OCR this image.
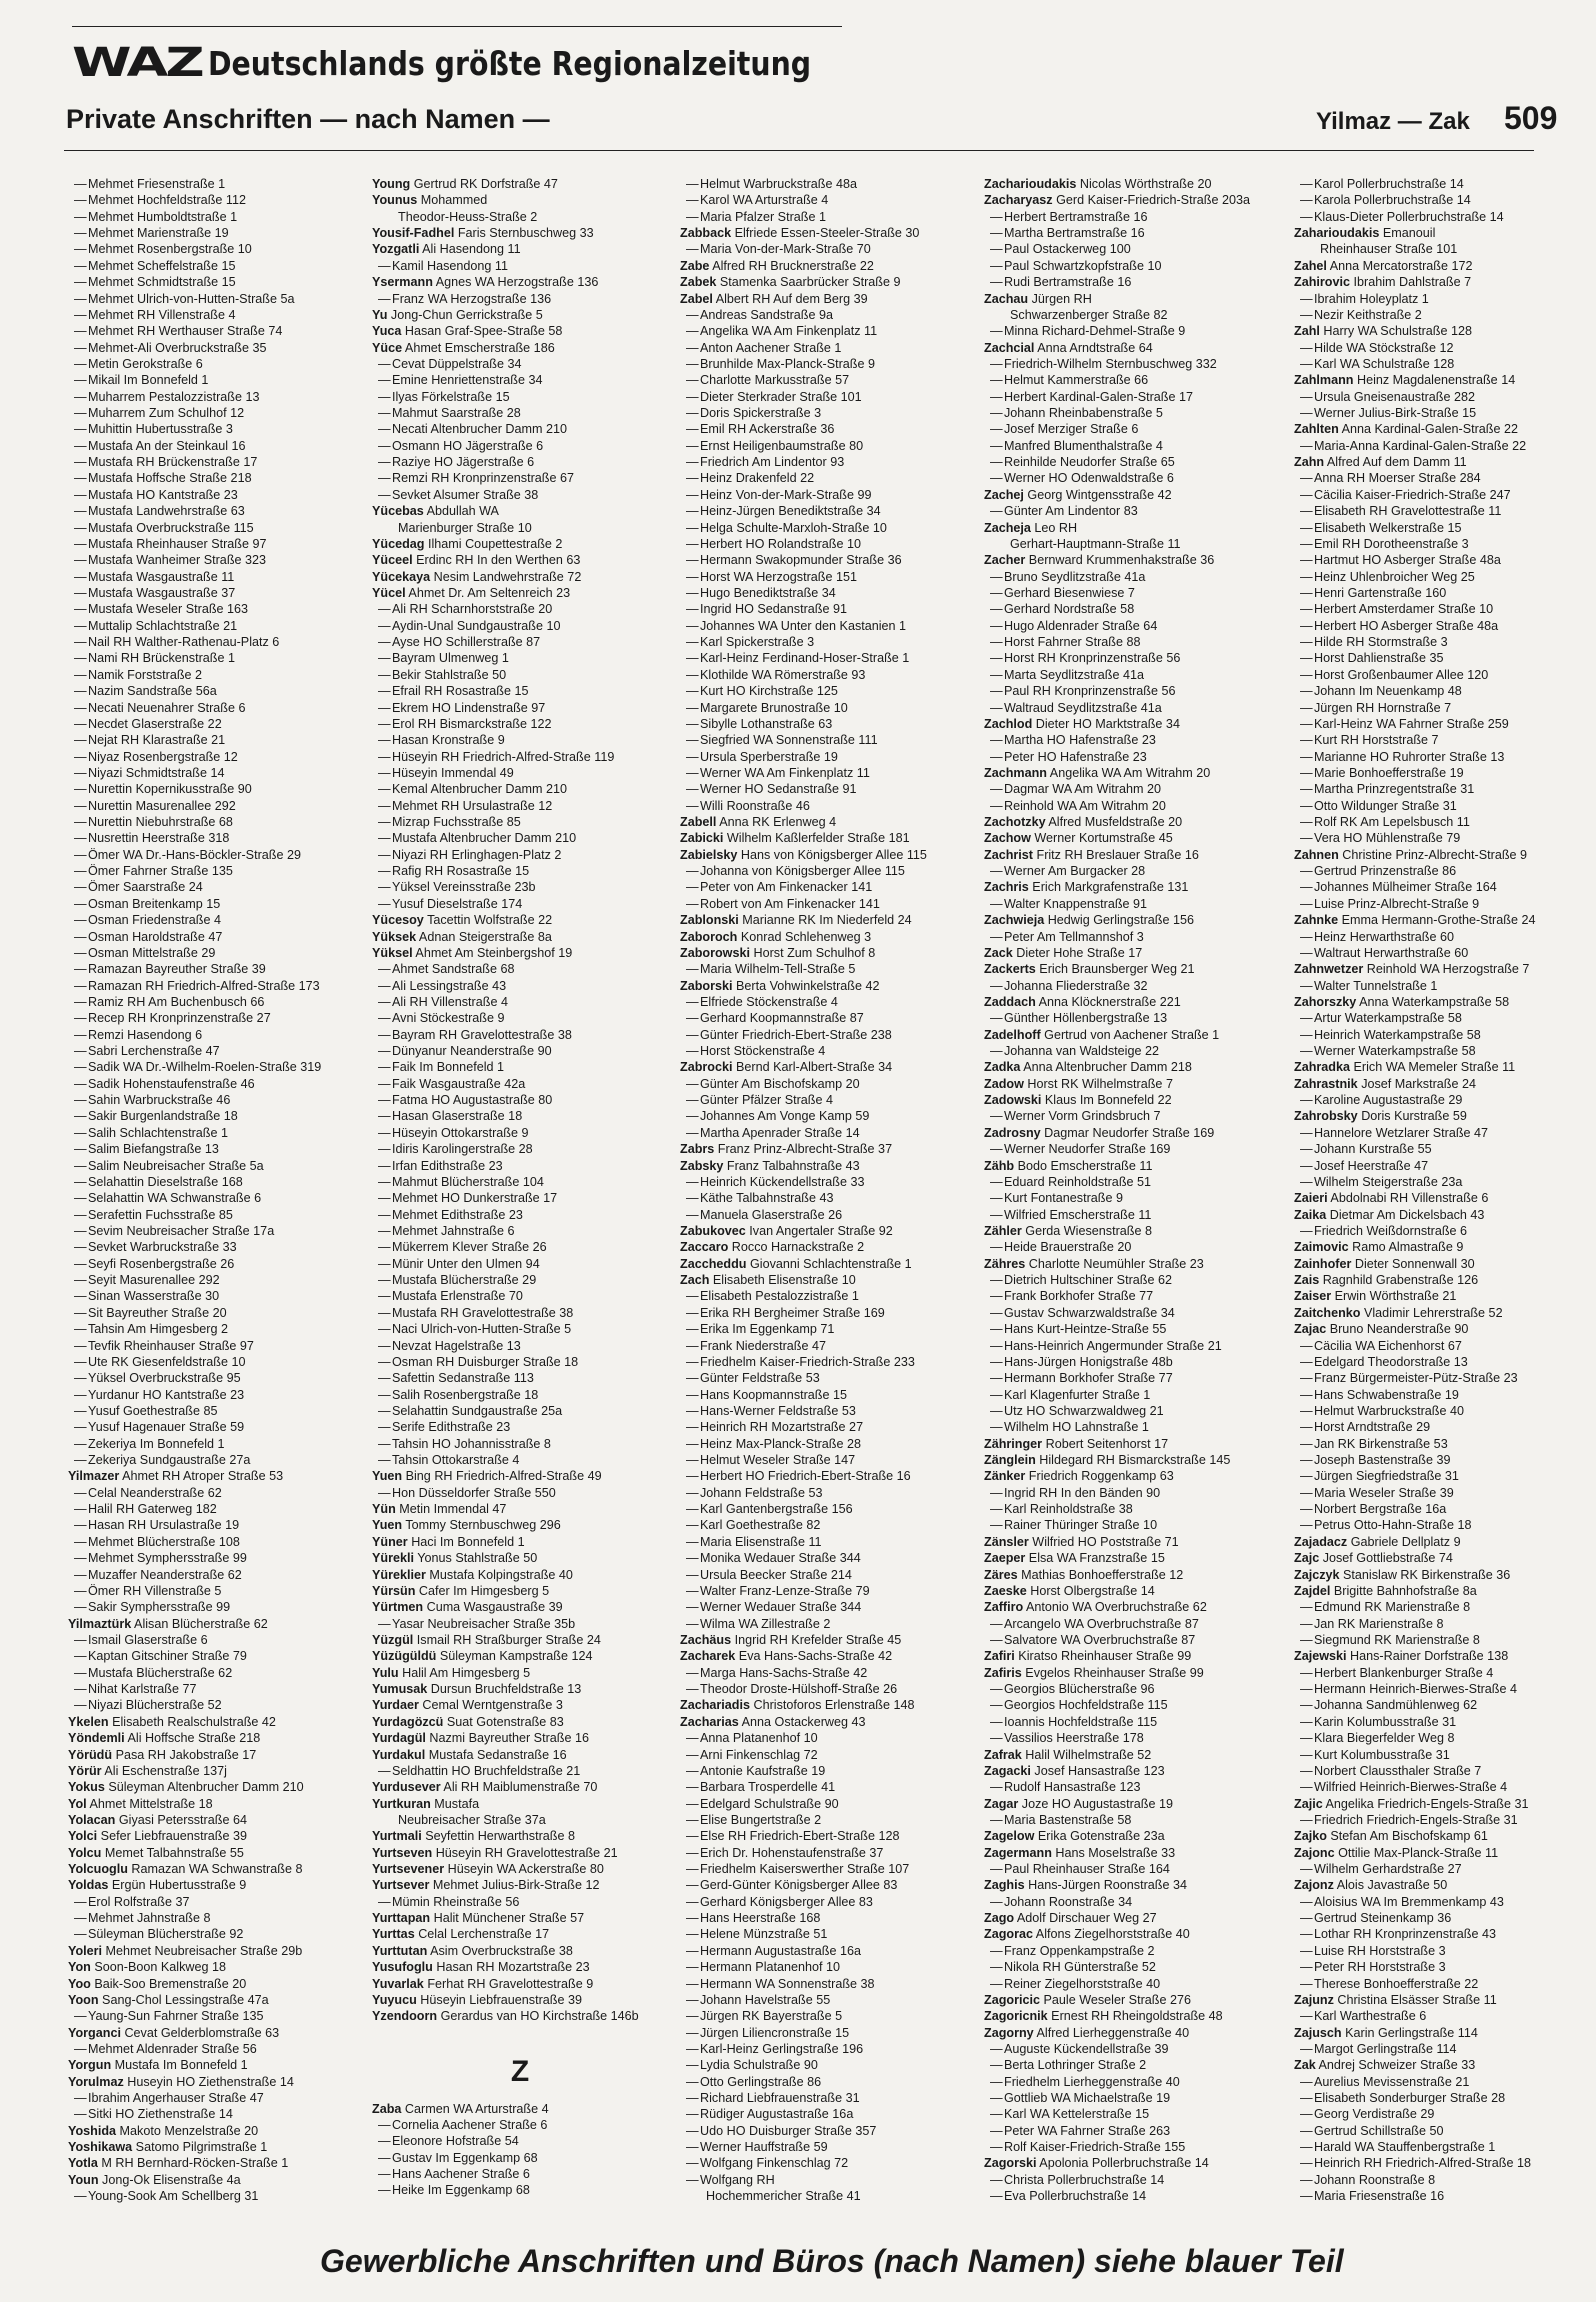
WAZ Deutschlands größte Regionalzeitung
Private Anschriften — nach Namen —	Yilmaz — Zak 509
—Mehmet Friesenstraße 1
—Mehmet Hochfeldstraße 112
—Mehmet Humboldtstraße 1
—Mehmet Marienstraße 19
—Mehmet Rosenbergstraße 10
—Mehmet Scheffelstraße 15
—Mehmet Schmidtstraße 15
—Mehmet Ulrich-von-Hutten-Straße 5a
—Mehmet RH Villenstraße 4
—Mehmet RH Werthauser Straße 74
—Mehmet-Ali Overbruckstraße 35
—Metin Gerokstraße 6
—Mikail Im Bonnefeld 1
—Muharrem Pestalozzistraße 13
—Muharrem Zum Schulhof 12
—Muhittin Hubertusstraße 3
—Mustafa An der Steinkaul 16
—Mustafa RH Brückenstraße 17
—Mustafa Hoffsche Straße 218
—Mustafa HO Kantstraße 23
—Mustafa Landwehrstraße 63
—Mustafa Overbruckstraße 115
—Mustafa Rheinhauser Straße 97
—Mustafa Wanheimer Straße 323
—Mustafa Wasgaustraße 11
—Mustafa Wasgaustraße 37
—Mustafa Weseler Straße 163
—Muttalip Schlachtstraße 21
—Nail RH Walther-Rathenau-Platz 6
—Nami RH Brückenstraße 1
—Namik Forststraße 2
—Nazim Sandstraße 56a
—Necati Neuenahrer Straße 6
—Necdet Glaserstraße 22
—Nejat RH Klarastraße 21
—Niyaz Rosenbergstraße 12
—Niyazi Schmidtstraße 14
—Nurettin Kopernikusstraße 90
—Nurettin Masurenallee 292
—Nurettin Niebuhrstraße 68
—Nusrettin Heerstraße 318
—Ömer WA Dr.-Hans-Böckler-Straße 29
—Ömer Fahrner Straße 135
—Ömer Saarstraße 24
—Osman Breitenkamp 15
—Osman Friedenstraße 4
—Osman Haroldstraße 47
—Osman Mittelstraße 29
—Ramazan Bayreuther Straße 39
—Ramazan RH Friedrich-Alfred-Straße 173
—Ramiz RH Am Buchenbusch 66
—Recep RH Kronprinzenstraße 27
—Remzi Hasendong 6
—Sabri Lerchenstraße 47
—Sadik WA Dr.-Wilhelm-Roelen-Straße 319
—Sadik Hohenstaufenstraße 46
—Sahin Warbruckstraße 46
—Sakir Burgenlandstraße 18
—Salih Schlachtenstraße 1
—Salim Biefangstraße 13
—Salim Neubreisacher Straße 5a
—Selahattin Dieselstraße 168
—Selahattin WA Schwanstraße 6
—Serafettin Fuchsstraße 85
—Sevim Neubreisacher Straße 17a
—Sevket Warbruckstraße 33
—Seyfi Rosenbergstraße 26
—Seyit Masurenallee 292
—Sinan Wasserstraße 30
—Sit Bayreuther Straße 20
—Tahsin Am Himgesberg 2
—Tevfik Rheinhauser Straße 97
—Ute RK Giesenfeldstraße 10
—Yüksel Overbruckstraße 95
—Yurdanur HO Kantstraße 23
—Yusuf Goethestraße 85
—Yusuf Hagenauer Straße 59
—Zekeriya Im Bonnefeld 1
—Zekeriya Sundgaustraße 27a
Yilmazer Ahmet RH Atroper Straße 53
—Celal Neanderstraße 62
—Halil RH Gaterweg 182
—Hasan RH Ursulastraße 19
—Mehmet Blücherstraße 108
—Mehmet Symphersstraße 99
—Muzaffer Neanderstraße 62
—Ömer RH Villenstraße 5
—Sakir Symphersstraße 99
Yilmaztürk Alisan Blücherstraße 62
—Ismail Glaserstraße 6
—Kaptan Gitschiner Straße 79
—Mustafa Blücherstraße 62
—Nihat Karlstraße 77
—Niyazi Blücherstraße 52
Ykelen Elisabeth Realschulstraße 42
Yöndemli Ali Hoffsche Straße 218
Yörüdü Pasa RH Jakobstraße 17
Yörür Ali Eschenstraße 137j
Yokus Süleyman Altenbrucher Damm 210
Yol Ahmet Mittelstraße 18
Yolacan Giyasi Petersstraße 64
Yolci Sefer Liebfrauenstraße 39
Yolcu Memet Talbahnstraße 55
Yolcuoglu Ramazan WA Schwanstraße 8
Yoldas Ergün Hubertusstraße 9
—Erol Rolfstraße 37
—Mehmet Jahnstraße 8
—Süleyman Blücherstraße 92
Yoleri Mehmet Neubreisacher Straße 29b
Yon Soon-Boon Kalkweg 18
Yoo Baik-Soo Bremenstraße 20
Yoon Sang-Chol Lessingstraße 47a
—Yaung-Sun Fahrner Straße 135
Yorganci Cevat Gelderblomstraße 63
—Mehmet Aldenrader Straße 56
Yorgun Mustafa Im Bonnefeld 1
Yorulmaz Huseyin HO Ziethenstraße 14
—Ibrahim Angerhauser Straße 47
—Sitki HO Ziethenstraße 14
Yoshida Makoto Menzelstraße 20
Yoshikawa Satomo Pilgrimstraße 1
Yotla M RH Bernhard-Röcken-Straße 1
Youn Jong-Ok Elisenstraße 4a
—Young-Sook Am Schellberg 31
Young Gertrud RK Dorfstraße 47
Younus Mohammed
Theodor-Heuss-Straße 2
Yousif-Fadhel Faris Sternbuschweg 33
Yozgatli Ali Hasendong 11
—Kamil Hasendong 11
Ysermann Agnes WA Herzogstraße 136
—Franz WA Herzogstraße 136
Yu Jong-Chun Gerrickstraße 5
Yuca Hasan Graf-Spee-Straße 58
Yüce Ahmet Emscherstraße 186
—Cevat Düppelstraße 34
—Emine Henriettenstraße 34
—Ilyas Förkelstraße 15
—Mahmut Saarstraße 28
—Necati Altenbrucher Damm 210
—Osmann HO Jägerstraße 6
—Raziye HO Jägerstraße 6
—Remzi RH Kronprinzenstraße 67
—Sevket Alsumer Straße 38
Yücebas Abdullah WA
Marienburger Straße 10
Yücedag Ilhami Coupettestraße 2
Yüceel Erdinc RH In den Werthen 63
Yücekaya Nesim Landwehrstraße 72
Yücel Ahmet Dr. Am Seltenreich 23
—Ali RH Scharnhorststraße 20
—Aydin-Unal Sundgaustraße 10
—Ayse HO Schillerstraße 87
—Bayram Ulmenweg 1
—Bekir Stahlstraße 50
—Efrail RH Rosastraße 15
—Ekrem HO Lindenstraße 97
—Erol RH Bismarckstraße 122
—Hasan Kronstraße 9
—Hüseyin RH Friedrich-Alfred-Straße 119
—Hüseyin Immendal 49
—Kemal Altenbrucher Damm 210
—Mehmet RH Ursulastraße 12
—Mizrap Fuchsstraße 85
—Mustafa Altenbrucher Damm 210
—Niyazi RH Erlinghagen-Platz 2
—Rafig RH Rosastraße 15
—Yüksel Vereinsstraße 23b
—Yusuf Dieselstraße 174
Yücesoy Tacettin Wolfstraße 22
Yüksek Adnan Steigerstraße 8a
Yüksel Ahmet Am Steinbergshof 19
—Ahmet Sandstraße 68
—Ali Lessingstraße 43
—Ali RH Villenstraße 4
—Avni Stöckestraße 9
—Bayram RH Gravelottestraße 38
—Dünyanur Neanderstraße 90
—Faik Im Bonnefeld 1
—Faik Wasgaustraße 42a
—Fatma HO Augustastraße 80
—Hasan Glaserstraße 18
—Hüseyin Ottokarstraße 9
—Idiris Karolingerstraße 28
—Irfan Edithstraße 23
—Mahmut Blücherstraße 104
—Mehmet HO Dunkerstraße 17
—Mehmet Edithstraße 23
—Mehmet Jahnstraße 6
—Mükerrem Klever Straße 26
—Münir Unter den Ulmen 94
—Mustafa Blücherstraße 29
—Mustafa Erlenstraße 70
—Mustafa RH Gravelottestraße 38
—Naci Ulrich-von-Hutten-Straße 5
—Nevzat Hagelstraße 13
—Osman RH Duisburger Straße 18
—Safettin Sedanstraße 113
—Salih Rosenbergstraße 18
—Selahattin Sundgaustraße 25a
—Serife Edithstraße 23
—Tahsin HO Johannisstraße 8
—Tahsin Ottokarstraße 4
Yuen Bing RH Friedrich-Alfred-Straße 49
—Hon Düsseldorfer Straße 550
Yün Metin Immendal 47
Yuen Tommy Sternbuschweg 296
Yüner Haci Im Bonnefeld 1
Yürekli Yonus Stahlstraße 50
Yüreklier Mustafa Kolpingstraße 40
Yürsün Cafer Im Himgesberg 5
Yürtmen Cuma Wasgaustraße 39
—Yasar Neubreisacher Straße 35b
Yüzgül Ismail RH Straßburger Straße 24
Yüzügüldü Süleyman Kampstraße 124
Yulu Halil Am Himgesberg 5
Yumusak Dursun Bruchfeldstraße 13
Yurdaer Cemal Werntgenstraße 3
Yurdagözcü Suat Gotenstraße 83
Yurdagül Nazmi Bayreuther Straße 16
Yurdakul Mustafa Sedanstraße 16
—Seldhattin HO Bruchfeldstraße 21
Yurdusever Ali RH Maiblumenstraße 70
Yurtkuran Mustafa
Neubreisacher Straße 37a
Yurtmali Seyfettin Herwarthstraße 8
Yurtseven Hüseyin RH Gravelottestraße 21
Yurtsevener Hüseyin WA Ackerstraße 80
Yurtsever Mehmet Julius-Birk-Straße 12
—Mümin Rheinstraße 56
Yurttapan Halit Münchener Straße 57
Yurttas Celal Lerchenstraße 17
Yurttutan Asim Overbruckstraße 38
Yusufoglu Hasan RH Mozartstraße 23
Yuvarlak Ferhat RH Gravelottestraße 9
Yuyucu Hüseyin Liebfrauenstraße 39
Yzendoorn Gerardus van HO Kirchstraße 146b
Z
Zaba Carmen WA Arturstraße 4
—Cornelia Aachener Straße 6
—Eleonore Hofstraße 54
—Gustav Im Eggenkamp 68
—Hans Aachener Straße 6
—Heike Im Eggenkamp 68
—Helmut Warbruckstraße 48a
—Karol WA Arturstraße 4
—Maria Pfalzer Straße 1
Zabback Elfriede Essen-Steeler-Straße 30
—Maria Von-der-Mark-Straße 70
Zabe Alfred RH Brucknerstraße 22
Zabek Stamenka Saarbrücker Straße 9
Zabel Albert RH Auf dem Berg 39
—Andreas Sandstraße 9a
—Angelika WA Am Finkenplatz 11
—Anton Aachener Straße 1
—Brunhilde Max-Planck-Straße 9
—Charlotte Markusstraße 57
—Dieter Sterkrader Straße 101
—Doris Spickerstraße 3
—Emil RH Ackerstraße 36
—Ernst Heiligenbaumstraße 80
—Friedrich Am Lindentor 93
—Heinz Drakenfeld 22
—Heinz Von-der-Mark-Straße 99
—Heinz-Jürgen Benediktstraße 34
—Helga Schulte-Marxloh-Straße 10
—Herbert HO Rolandstraße 10
—Hermann Swakopmunder Straße 36
—Horst WA Herzogstraße 151
—Hugo Benediktstraße 34
—Ingrid HO Sedanstraße 91
—Johannes WA Unter den Kastanien 1
—Karl Spickerstraße 3
—Karl-Heinz Ferdinand-Hoser-Straße 1
—Klothilde WA Römerstraße 93
—Kurt HO Kirchstraße 125
—Margarete Brunostraße 10
—Sibylle Lothanstraße 63
—Siegfried WA Sonnenstraße 111
—Ursula Sperberstraße 19
—Werner WA Am Finkenplatz 11
—Werner HO Sedanstraße 91
—Willi Roonstraße 46
Zabell Anna RK Erlenweg 4
Zabicki Wilhelm Kaßlerfelder Straße 181
Zabielsky Hans von Königsberger Allee 115
—Johanna von Königsberger Allee 115
—Peter von Am Finkenacker 141
—Robert von Am Finkenacker 141
Zablonski Marianne RK Im Niederfeld 24
Zaboroch Konrad Schlehenweg 3
Zaborowski Horst Zum Schulhof 8
—Maria Wilhelm-Tell-Straße 5
Zaborski Berta Vohwinkelstraße 42
—Elfriede Stöckenstraße 4
—Gerhard Koopmannstraße 87
—Günter Friedrich-Ebert-Straße 238
—Horst Stöckenstraße 4
Zabrocki Bernd Karl-Albert-Straße 34
—Günter Am Bischofskamp 20
—Günter Pfälzer Straße 4
—Johannes Am Vonge Kamp 59
—Martha Apenrader Straße 14
Zabrs Franz Prinz-Albrecht-Straße 37
Zabsky Franz Talbahnstraße 43
—Heinrich Kückendellstraße 33
—Käthe Talbahnstraße 43
—Manuela Glaserstraße 26
Zabukovec Ivan Angertaler Straße 92
Zaccaro Rocco Harnackstraße 2
Zaccheddu Giovanni Schlachtenstraße 1
Zach Elisabeth Elisenstraße 10
—Elisabeth Pestalozzistraße 1
—Erika RH Bergheimer Straße 169
—Erika Im Eggenkamp 71
—Frank Niederstraße 47
—Friedhelm Kaiser-Friedrich-Straße 233
—Günter Feldstraße 53
—Hans Koopmannstraße 15
—Hans-Werner Feldstraße 53
—Heinrich RH Mozartstraße 27
—Heinz Max-Planck-Straße 28
—Helmut Weseler Straße 147
—Herbert HO Friedrich-Ebert-Straße 16
—Johann Feldstraße 53
—Karl Gantenbergstraße 156
—Karl Goethestraße 82
—Maria Elisenstraße 11
—Monika Wedauer Straße 344
—Ursula Beecker Straße 214
—Walter Franz-Lenze-Straße 79
—Werner Wedauer Straße 344
—Wilma WA Zillestraße 2
Zachäus Ingrid RH Krefelder Straße 45
Zacharek Eva Hans-Sachs-Straße 42
—Marga Hans-Sachs-Straße 42
—Theodor Droste-Hülshoff-Straße 26
Zachariadis Christoforos Erlenstraße 148
Zacharias Anna Ostackerweg 43
—Anna Platanenhof 10
—Arni Finkenschlag 72
—Antonie Kaufstraße 19
—Barbara Trosperdelle 41
—Edelgard Schulstraße 90
—Elise Bungertstraße 2
—Else RH Friedrich-Ebert-Straße 128
—Erich Dr. Hohenstaufenstraße 37
—Friedhelm Kaiserswerther Straße 107
—Gerd-Günter Königsberger Allee 83
—Gerhard Königsberger Allee 83
—Hans Heerstraße 168
—Helene Münzstraße 51
—Hermann Augustastraße 16a
—Hermann Platanenhof 10
—Hermann WA Sonnenstraße 38
—Johann Havelstraße 55
—Jürgen RK Bayerstraße 5
—Jürgen Liliencronstraße 15
—Karl-Heinz Gerlingstraße 196
—Lydia Schulstraße 90
—Otto Gerlingstraße 86
—Richard Liebfrauenstraße 31
—Rüdiger Augustastraße 16a
—Udo HO Duisburger Straße 357
—Werner Hauffstraße 59
—Wolfgang Finkenschlag 72
—Wolfgang RH
Hochemmericher Straße 41
Zacharioudakis Nicolas Wörthstraße 20
Zacharyasz Gerd Kaiser-Friedrich-Straße 203a
—Herbert Bertramstraße 16
—Martha Bertramstraße 16
—Paul Ostackerweg 100
—Paul Schwartzkopfstraße 10
—Rudi Bertramstraße 16
Zachau Jürgen RH
Schwarzenberger Straße 82
—Minna Richard-Dehmel-Straße 9
Zachcial Anna Arndtstraße 64
—Friedrich-Wilhelm Sternbuschweg 332
—Helmut Kammerstraße 66
—Herbert Kardinal-Galen-Straße 17
—Johann Rheinbabenstraße 5
—Josef Merziger Straße 6
—Manfred Blumenthalstraße 4
—Reinhilde Neudorfer Straße 65
—Werner HO Odenwaldstraße 6
Zachej Georg Wintgensstraße 42
—Günter Am Lindentor 83
Zacheja Leo RH
Gerhart-Hauptmann-Straße 11
Zacher Bernward Krummenhakstraße 36
—Bruno Seydlitzstraße 41a
—Gerhard Biesenwiese 7
—Gerhard Nordstraße 58
—Hugo Aldenrader Straße 64
—Horst Fahrner Straße 88
—Horst RH Kronprinzenstraße 56
—Marta Seydlitzstraße 41a
—Paul RH Kronprinzenstraße 56
—Waltraud Seydlitzstraße 41a
Zachlod Dieter HO Marktstraße 34
—Martha HO Hafenstraße 23
—Peter HO Hafenstraße 23
Zachmann Angelika WA Am Witrahm 20
—Dagmar WA Am Witrahm 20
—Reinhold WA Am Witrahm 20
Zachotzky Alfred Musfeldstraße 20
Zachow Werner Kortumstraße 45
Zachrist Fritz RH Breslauer Straße 16
—Werner Am Burgacker 28
Zachris Erich Markgrafenstraße 131
—Walter Knappenstraße 91
Zachwieja Hedwig Gerlingstraße 156
—Peter Am Tellmannshof 3
Zack Dieter Hohe Straße 17
Zackerts Erich Braunsberger Weg 21
—Johanna Fliederstraße 32
Zaddach Anna Klöcknerstraße 221
—Günther Höllenbergstraße 13
Zadelhoff Gertrud von Aachener Straße 1
—Johanna van Waldsteige 22
Zadka Anna Altenbrucher Damm 218
Zadow Horst RK Wilhelmstraße 7
Zadowski Klaus Im Bonnefeld 22
—Werner Vorm Grindsbruch 7
Zadrosny Dagmar Neudorfer Straße 169
—Werner Neudorfer Straße 169
Zähb Bodo Emscherstraße 11
—Eduard Reinholdstraße 51
—Kurt Fontanestraße 9
—Wilfried Emscherstraße 11
Zähler Gerda Wiesenstraße 8
—Heide Brauerstraße 20
Zähres Charlotte Neumühler Straße 23
—Dietrich Hultschiner Straße 62
—Frank Borkhofer Straße 77
—Gustav Schwarzwaldstraße 34
—Hans Kurt-Heintze-Straße 55
—Hans-Heinrich Angermunder Straße 21
—Hans-Jürgen Honigstraße 48b
—Hermann Borkhofer Straße 77
—Karl Klagenfurter Straße 1
—Utz HO Schwarzwaldweg 21
—Wilhelm HO Lahnstraße 1
Zähringer Robert Seitenhorst 17
Zänglein Hildegard RH Bismarckstraße 145
Zänker Friedrich Roggenkamp 63
—Ingrid RH In den Bänden 90
—Karl Reinholdstraße 38
—Rainer Thüringer Straße 10
Zänsler Wilfried HO Poststraße 71
Zaeper Elsa WA Franzstraße 15
Zäres Mathias Bonhoefferstraße 12
Zaeske Horst Olbergstraße 14
Zaffiro Antonio WA Overbruchstraße 62
—Arcangelo WA Overbruchstraße 87
—Salvatore WA Overbruchstraße 87
Zafiri Kiratso Rheinhauser Straße 99
Zafiris Evgelos Rheinhauser Straße 99
—Georgios Blücherstraße 96
—Georgios Hochfeldstraße 115
—Ioannis Hochfeldstraße 115
—Vassilios Heerstraße 178
Zafrak Halil Wilhelmstraße 52
Zagacki Josef Hansastraße 123
—Rudolf Hansastraße 123
Zagar Joze HO Augustastraße 19
—Maria Bastenstraße 58
Zagelow Erika Gotenstraße 23a
Zagermann Hans Moselstraße 33
—Paul Rheinhauser Straße 164
Zaghis Hans-Jürgen Roonstraße 34
—Johann Roonstraße 34
Zago Adolf Dirschauer Weg 27
Zagorac Alfons Ziegelhorststraße 40
—Franz Oppenkampstraße 2
—Nikola RH Günterstraße 52
—Reiner Ziegelhorststraße 40
Zagoricic Paule Weseler Straße 276
Zagoricnik Ernest RH Rheingoldstraße 48
Zagorny Alfred Lierheggenstraße 40
—Auguste Kückendellstraße 39
—Berta Lothringer Straße 2
—Friedhelm Lierheggenstraße 40
—Gottlieb WA Michaelstraße 19
—Karl WA Kettelerstraße 15
—Peter WA Fahrner Straße 263
—Rolf Kaiser-Friedrich-Straße 155
Zagorski Apolonia Pollerbruchstraße 14
—Christa Pollerbruchstraße 14
—Eva Pollerbruchstraße 14
—Karol Pollerbruchstraße 14
—Karola Pollerbruchstraße 14
—Klaus-Dieter Pollerbruchstraße 14
Zaharioudakis Emanouil
Rheinhauser Straße 101
Zahel Anna Mercatorstraße 172
Zahirovic Ibrahim Dahlstraße 7
—Ibrahim Holeyplatz 1
—Nezir Keithstraße 2
Zahl Harry WA Schulstraße 128
—Hilde WA Stöckstraße 12
—Karl WA Schulstraße 128
Zahlmann Heinz Magdalenenstraße 14
—Ursula Gneisenaustraße 282
—Werner Julius-Birk-Straße 15
Zahlten Anna Kardinal-Galen-Straße 22
—Maria-Anna Kardinal-Galen-Straße 22
Zahn Alfred Auf dem Damm 11
—Anna RH Moerser Straße 284
—Cäcilia Kaiser-Friedrich-Straße 247
—Elisabeth RH Gravelottestraße 11
—Elisabeth Welkerstraße 15
—Emil RH Dorotheenstraße 3
—Hartmut HO Asberger Straße 48a
—Heinz Uhlenbroicher Weg 25
—Henri Gartenstraße 160
—Herbert Amsterdamer Straße 10
—Herbert HO Asberger Straße 48a
—Hilde RH Stormstraße 3
—Horst Dahlienstraße 35
—Horst Großenbaumer Allee 120
—Johann Im Neuenkamp 48
—Jürgen RH Hornstraße 7
—Karl-Heinz WA Fahrner Straße 259
—Kurt RH Horststraße 7
—Marianne HO Ruhrorter Straße 13
—Marie Bonhoefferstraße 19
—Martha Prinzregentstraße 31
—Otto Wildunger Straße 31
—Rolf RK Am Lepelsbusch 11
—Vera HO Mühlenstraße 79
Zahnen Christine Prinz-Albrecht-Straße 9
—Gertrud Prinzenstraße 86
—Johannes Mülheimer Straße 164
—Luise Prinz-Albrecht-Straße 9
Zahnke Emma Hermann-Grothe-Straße 24
—Heinz Herwarthstraße 60
—Waltraut Herwarthstraße 60
Zahnwetzer Reinhold WA Herzogstraße 7
—Walter Tunnelstraße 1
Zahorszky Anna Waterkampstraße 58
—Artur Waterkampstraße 58
—Heinrich Waterkampstraße 58
—Werner Waterkampstraße 58
Zahradka Erich WA Memeler Straße 11
Zahrastnik Josef Markstraße 24
—Karoline Augustastraße 29
Zahrobsky Doris Kurstraße 59
—Hannelore Wetzlarer Straße 47
—Johann Kurstraße 55
—Josef Heerstraße 47
—Wilhelm Steigerstraße 23a
Zaieri Abdolnabi RH Villenstraße 6
Zaika Dietmar Am Dickelsbach 43
—Friedrich Weißdornstraße 6
Zaimovic Ramo Almastraße 9
Zainhofer Dieter Sonnenwall 30
Zais Ragnhild Grabenstraße 126
Zaiser Erwin Wörthstraße 21
Zaitchenko Vladimir Lehrerstraße 52
Zajac Bruno Neanderstraße 90
—Cäcilia WA Eichenhorst 67
—Edelgard Theodorstraße 13
—Franz Bürgermeister-Pütz-Straße 23
—Hans Schwabenstraße 19
—Helmut Warbruckstraße 40
—Horst Arndtstraße 29
—Jan RK Birkenstraße 53
—Joseph Bastenstraße 39
—Jürgen Siegfriedstraße 31
—Maria Weseler Straße 39
—Norbert Bergstraße 16a
—Petrus Otto-Hahn-Straße 18
Zajadacz Gabriele Dellplatz 9
Zajc Josef Gottliebstraße 74
Zajczyk Stanislaw RK Birkenstraße 36
Zajdel Brigitte Bahnhofstraße 8a
—Edmund RK Marienstraße 8
—Jan RK Marienstraße 8
—Siegmund RK Marienstraße 8
Zajewski Hans-Rainer Dorfstraße 138
—Herbert Blankenburger Straße 4
—Hermann Heinrich-Bierwes-Straße 4
—Johanna Sandmühlenweg 62
—Karin Kolumbusstraße 31
—Klara Biegerfelder Weg 8
—Kurt Kolumbusstraße 31
—Norbert Claussthaler Straße 7
—Wilfried Heinrich-Bierwes-Straße 4
Zajic Angelika Friedrich-Engels-Straße 31
—Friedrich Friedrich-Engels-Straße 31
Zajko Stefan Am Bischofskamp 61
Zajonc Ottilie Max-Planck-Straße 11
—Wilhelm Gerhardstraße 27
Zajonz Alois Javastraße 50
—Aloisius WA Im Bremmenkamp 43
—Gertrud Steinenkamp 36
—Lothar RH Kronprinzenstraße 43
—Luise RH Horststraße 3
—Peter RH Horststraße 3
—Therese Bonhoefferstraße 22
Zajunz Christina Elsässer Straße 11
—Karl Warthestraße 6
Zajusch Karin Gerlingstraße 114
—Margot Gerlingstraße 114
Zak Andrej Schweizer Straße 33
—Aurelius Mevissenstraße 21
—Elisabeth Sonderburger Straße 28
—Georg Verdistraße 29
—Gertrud Schillstraße 50
—Harald WA Stauffenbergstraße 1
—Heinrich RH Friedrich-Alfred-Straße 18
—Johann Roonstraße 8
—Maria Friesenstraße 16
Gewerbliche Anschriften und Büros (nach Namen) siehe blauer Teil
